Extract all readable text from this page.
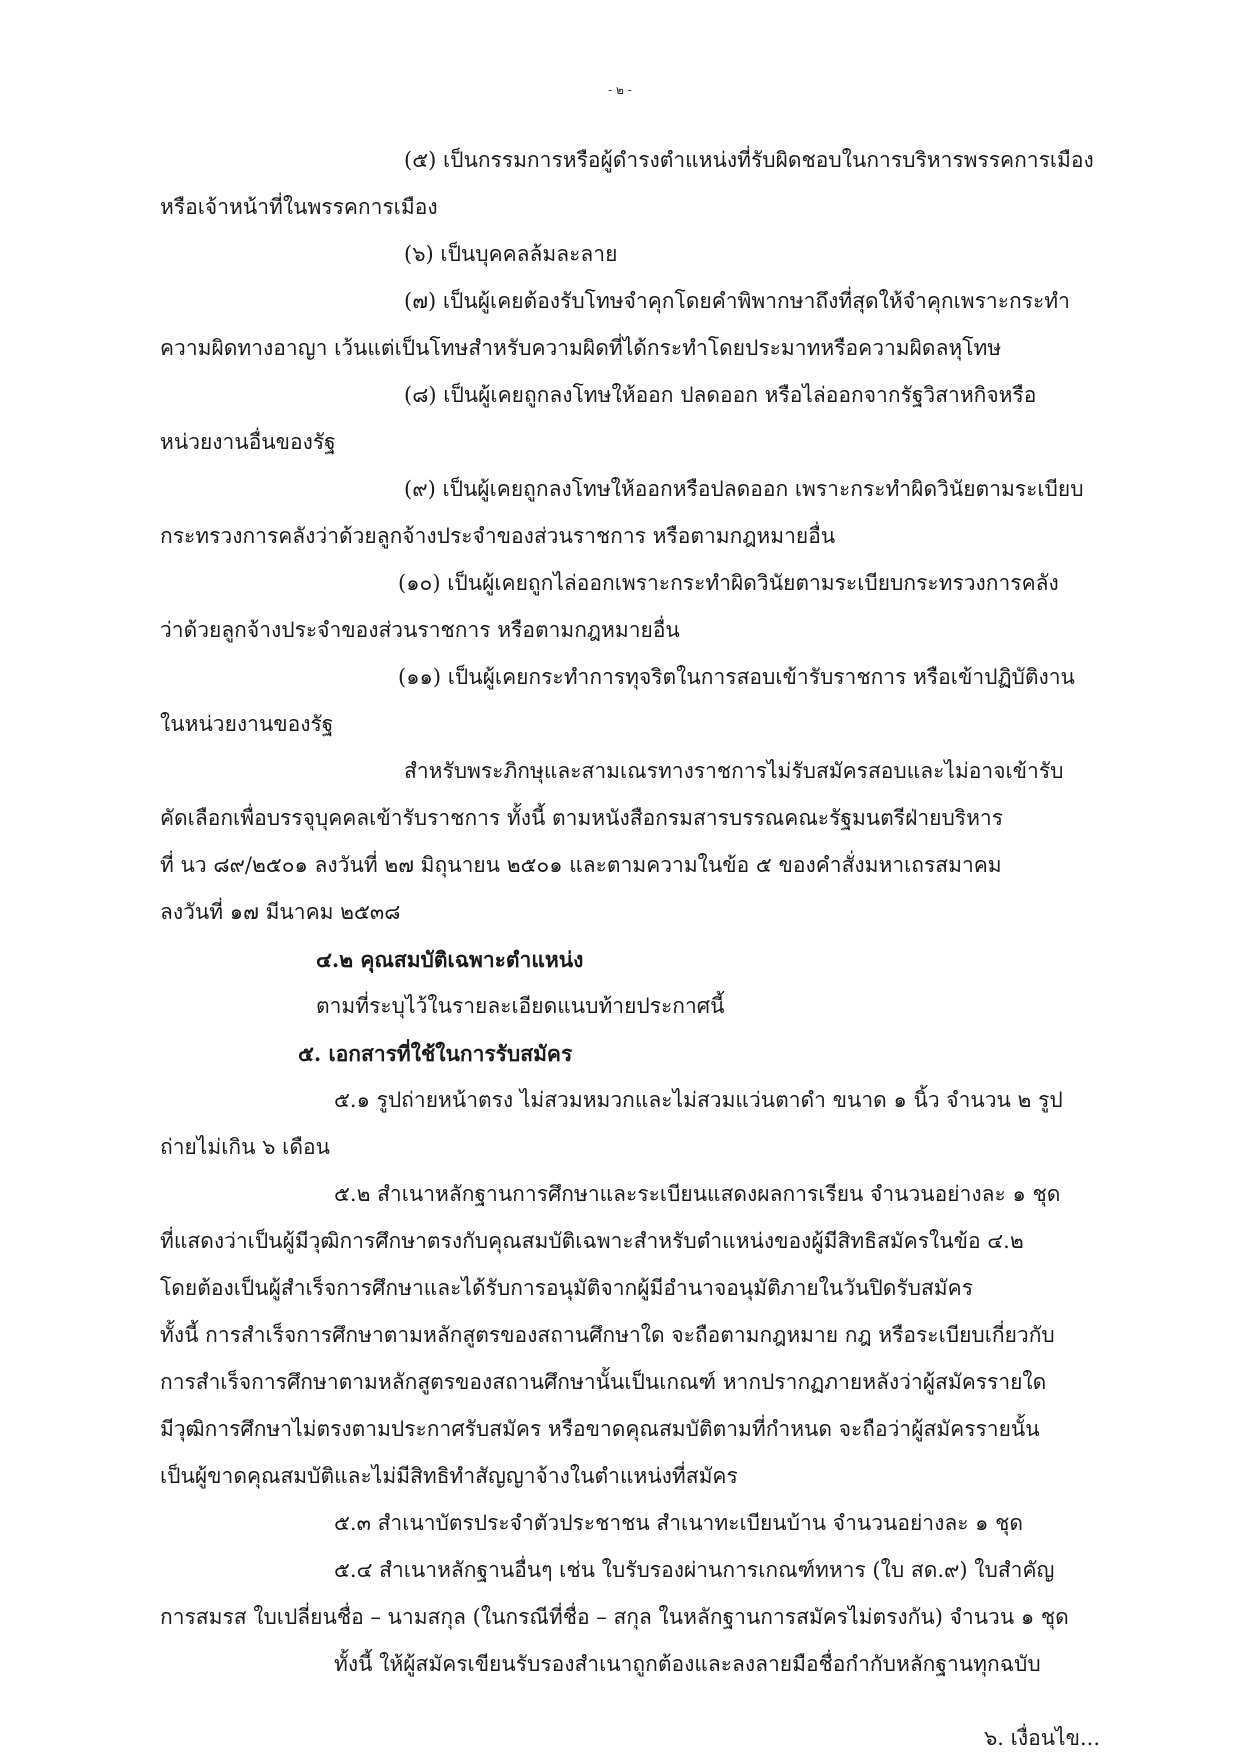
- ๒ -
(๕) เป็นกรรมการหรือผู้ดำรงตำแหน่งที่รับผิดชอบในการบริหารพรรคการเมือง
หรือเจ้าหน้าที่ในพรรคการเมือง
(๖) เป็นบุคคลล้มละลาย
(๗) เป็นผู้เคยต้องรับโทษจำคุกโดยคำพิพากษาถึงที่สุดให้จำคุกเพราะกระทำ
ความผิดทางอาญา เว้นแต่เป็นโทษสำหรับความผิดที่ได้กระทำโดยประมาทหรือความผิดลหุโทษ
(๘) เป็นผู้เคยถูกลงโทษให้ออก ปลดออก หรือไล่ออกจากรัฐวิสาหกิจหรือ
หน่วยงานอื่นของรัฐ
(๙) เป็นผู้เคยถูกลงโทษให้ออกหรือปลดออก เพราะกระทำผิดวินัยตามระเบียบ
กระทรวงการคลังว่าด้วยลูกจ้างประจำของส่วนราชการ หรือตามกฎหมายอื่น
(๑๐) เป็นผู้เคยถูกไล่ออกเพราะกระทำผิดวินัยตามระเบียบกระทรวงการคลัง
ว่าด้วยลูกจ้างประจำของส่วนราชการ หรือตามกฎหมายอื่น
(๑๑) เป็นผู้เคยกระทำการทุจริตในการสอบเข้ารับราชการ หรือเข้าปฏิบัติงาน
ในหน่วยงานของรัฐ
สำหรับพระภิกษุและสามเณรทางราชการไม่รับสมัครสอบและไม่อาจเข้ารับ
คัดเลือกเพื่อบรรจุบุคคลเข้ารับราชการ ทั้งนี้ ตามหนังสือกรมสารบรรณคณะรัฐมนตรีฝ่ายบริหาร
ที่ นว ๘๙/๒๕๐๑ ลงวันที่ ๒๗ มิถุนายน ๒๕๐๑ และตามความในข้อ ๕ ของคำสั่งมหาเถรสมาคม
ลงวันที่ ๑๗ มีนาคม ๒๕๓๘
๔.๒ คุณสมบัติเฉพาะตำแหน่ง
ตามที่ระบุไว้ในรายละเอียดแนบท้ายประกาศนี้
๕. เอกสารที่ใช้ในการรับสมัคร
๕.๑ รูปถ่ายหน้าตรง ไม่สวมหมวกและไม่สวมแว่นตาดำ ขนาด ๑ นิ้ว จำนวน ๒ รูป
ถ่ายไม่เกิน ๖ เดือน
๕.๒ สำเนาหลักฐานการศึกษาและระเบียนแสดงผลการเรียน จำนวนอย่างละ ๑ ชุด
ที่แสดงว่าเป็นผู้มีวุฒิการศึกษาตรงกับคุณสมบัติเฉพาะสำหรับตำแหน่งของผู้มีสิทธิสมัครในข้อ ๔.๒
โดยต้องเป็นผู้สำเร็จการศึกษาและได้รับการอนุมัติจากผู้มีอำนาจอนุมัติภายในวันปิดรับสมัคร
ทั้งนี้ การสำเร็จการศึกษาตามหลักสูตรของสถานศึกษาใด จะถือตามกฎหมาย กฎ หรือระเบียบเกี่ยวกับ
การสำเร็จการศึกษาตามหลักสูตรของสถานศึกษานั้นเป็นเกณฑ์ หากปรากฏภายหลังว่าผู้สมัครรายใด
มีวุฒิการศึกษาไม่ตรงตามประกาศรับสมัคร หรือขาดคุณสมบัติตามที่กำหนด จะถือว่าผู้สมัครรายนั้น
เป็นผู้ขาดคุณสมบัติและไม่มีสิทธิทำสัญญาจ้างในตำแหน่งที่สมัคร
๕.๓ สำเนาบัตรประจำตัวประชาชน สำเนาทะเบียนบ้าน จำนวนอย่างละ ๑ ชุด
๕.๔ สำเนาหลักฐานอื่นๆ เช่น ใบรับรองผ่านการเกณฑ์ทหาร (ใบ สด.๙) ใบสำคัญ
การสมรส ใบเปลี่ยนชื่อ – นามสกุล (ในกรณีที่ชื่อ – สกุล ในหลักฐานการสมัครไม่ตรงกัน) จำนวน ๑ ชุด
ทั้งนี้ ให้ผู้สมัครเขียนรับรองสำเนาถูกต้องและลงลายมือชื่อกำกับหลักฐานทุกฉบับ
๖. เงื่อนไข...
